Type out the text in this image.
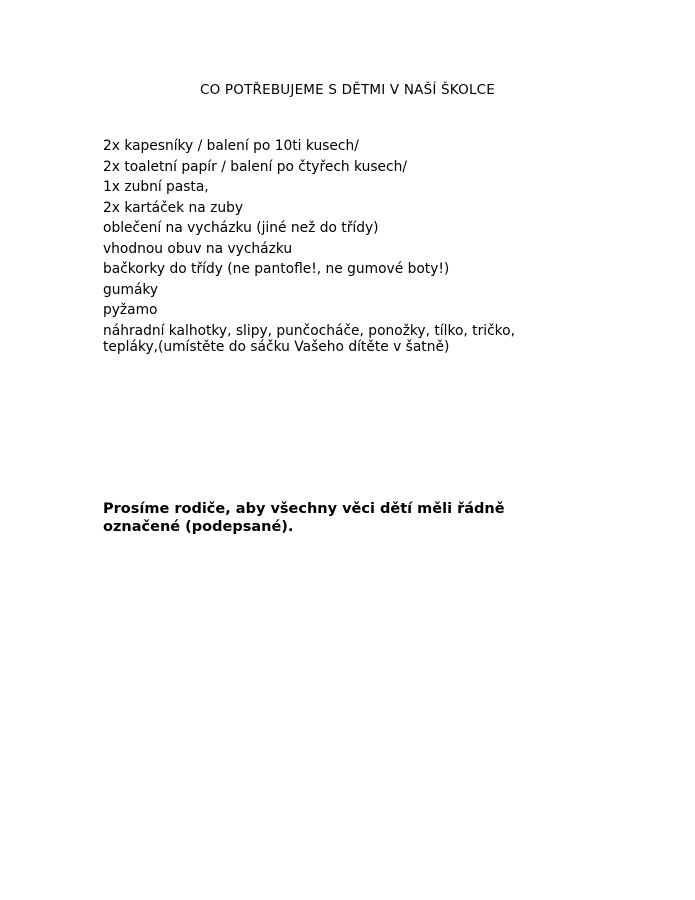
CO POTŘEBUJEME S DĚTMI V NAŠÍ ŠKOLCE
2x kapesníky / balení po 10ti kusech/
2x toaletní papír / balení po čtyřech kusech/
1x zubní pasta,
2x kartáček na zuby
oblečení na vycházku (jiné než do třídy)
vhodnou obuv na vycházku
bačkorky do třídy (ne pantofle!, ne gumové boty!)
gumáky
pyžamo
náhradní kalhotky, slipy, punčocháče, ponožky, tílko, tričko,
tepláky,(umístěte do sáčku Vašeho dítěte v šatně)
Prosíme rodiče, aby všechny věci dětí měli řádně
označené (podepsané).
